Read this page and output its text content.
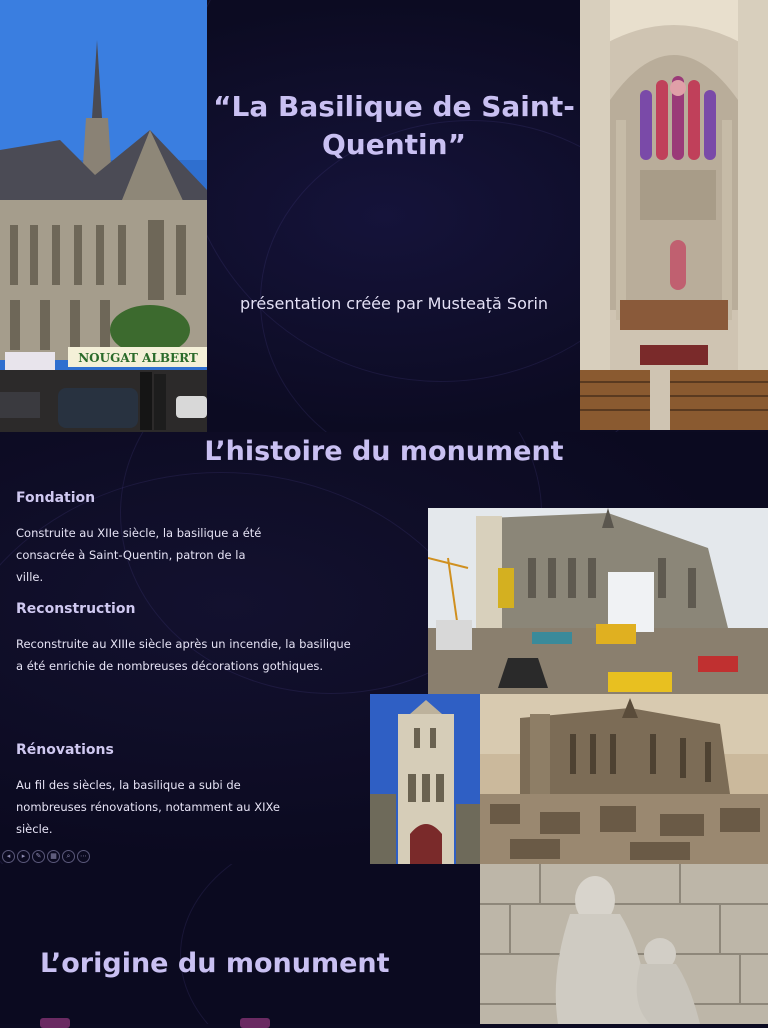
NOUGAT ALBERT
“La Basilique de Saint-Quentin”
présentation créée par Musteață Sorin
L’histoire du monument
Fondation

Construite au XIIe siècle, la basilique a été consacrée à Saint-Quentin, patron de la ville.

Reconstruction

Reconstruite au XIIIe siècle après un incendie, la basilique a été enrichie de nombreuses décorations gothiques.

Rénovations

Au fil des siècles, la basilique a subi de nombreuses rénovations, notamment au XIXe siècle.

◂	▸	✎	▦	⌕	⋯
L’origine du monument
